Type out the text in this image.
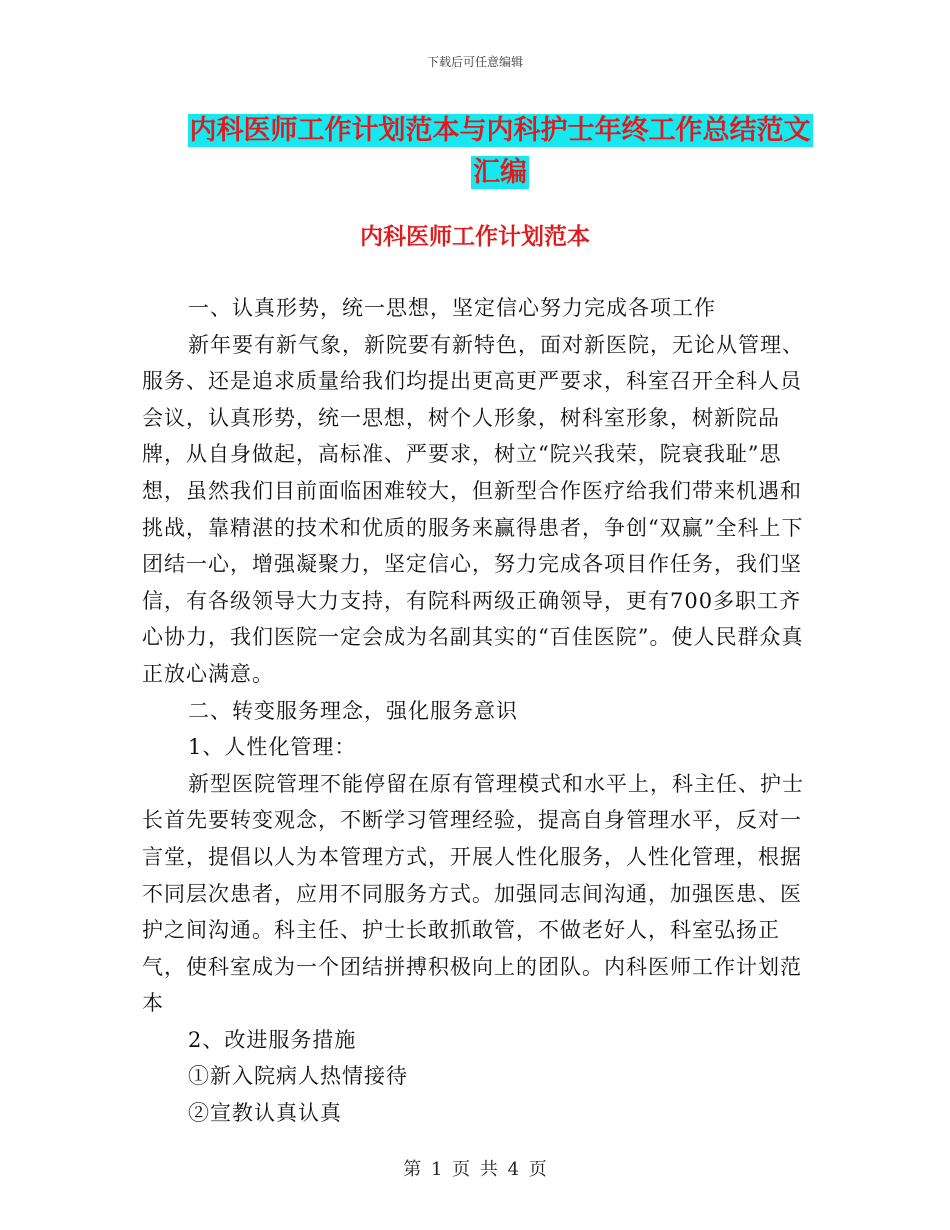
下载后可任意编辑
内科医师工作计划范本与内科护士年终工作总结范文
汇编
内科医师工作计划范本

一、认真形势，统一思想，坚定信心努力完成各项工作

新年要有新气象，新院要有新特色，面对新医院，无论从管理、服务、还是追求质量给我们均提出更高更严要求，科室召开全科人员会议，认真形势，统一思想，树个人形象，树科室形象，树新院品牌，从自身做起，高标准、严要求，树立“院兴我荣，院衰我耻”思想，虽然我们目前面临困难较大，但新型合作医疗给我们带来机遇和挑战，靠精湛的技术和优质的服务来赢得患者，争创“双赢”全科上下团结一心，增强凝聚力，坚定信心，努力完成各项目作任务，我们坚信，有各级领导大力支持，有院科两级正确领导，更有700多职工齐心协力，我们医院一定会成为名副其实的“百佳医院”。使人民群众真正放心满意。

二、转变服务理念，强化服务意识

1、人性化管理：

新型医院管理不能停留在原有管理模式和水平上，科主任、护士长首先要转变观念，不断学习管理经验，提高自身管理水平，反对一言堂，提倡以人为本管理方式，开展人性化服务，人性化管理，根据不同层次患者，应用不同服务方式。加强同志间沟通，加强医患、医护之间沟通。科主任、护士长敢抓敢管，不做老好人，科室弘扬正气，使科室成为一个团结拼搏积极向上的团队。内科医师工作计划范本

2、改进服务措施

①新入院病人热情接待

②宣教认真认真

第 1 页 共 4 页
